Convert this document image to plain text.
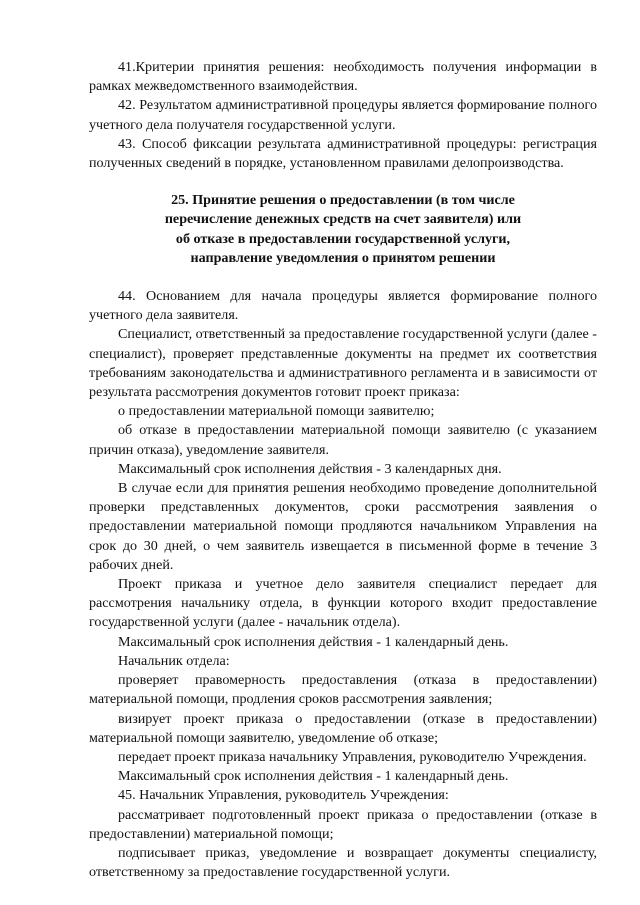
41.Критерии принятия решения: необходимость получения информации в рамках межведомственного взаимодействия.

42. Результатом административной процедуры является формирование полного учетного дела получателя государственной услуги.

43. Способ фиксации результата административной процедуры: регистрация полученных сведений в порядке, установленном правилами делопроизводства.

25. Принятие решения о предоставлении (в том числе
перечисление денежных средств на счет заявителя) или
об отказе в предоставлении государственной услуги,
направление уведомления о принятом решении

44. Основанием для начала процедуры является формирование полного учетного дела заявителя.

Специалист, ответственный за предоставление государственной услуги (далее - специалист), проверяет представленные документы на предмет их соответствия требованиям законодательства и административного регламента и в зависимости от результата рассмотрения документов готовит проект приказа:

о предоставлении материальной помощи заявителю;

об отказе в предоставлении материальной помощи заявителю (с указанием причин отказа), уведомление заявителя.

Максимальный срок исполнения действия - 3 календарных дня.

В случае если для принятия решения необходимо проведение дополнительной проверки представленных документов, сроки рассмотрения заявления о предоставлении материальной помощи продляются начальником Управления на срок до 30 дней, о чем заявитель извещается в письменной форме в течение 3 рабочих дней.

Проект приказа и учетное дело заявителя специалист передает для рассмотрения начальнику отдела, в функции которого входит предоставление государственной услуги (далее - начальник отдела).

Максимальный срок исполнения действия - 1 календарный день.

Начальник отдела:

проверяет правомерность предоставления (отказа в предоставлении) материальной помощи, продления сроков рассмотрения заявления;

визирует проект приказа о предоставлении (отказе в предоставлении) материальной помощи заявителю, уведомление об отказе;

передает проект приказа начальнику Управления, руководителю Учреждения.

Максимальный срок исполнения действия - 1 календарный день.

45. Начальник Управления, руководитель Учреждения:

рассматривает подготовленный проект приказа о предоставлении (отказе в предоставлении) материальной помощи;

подписывает приказ, уведомление и возвращает документы специалисту, ответственному за предоставление государственной услуги.
